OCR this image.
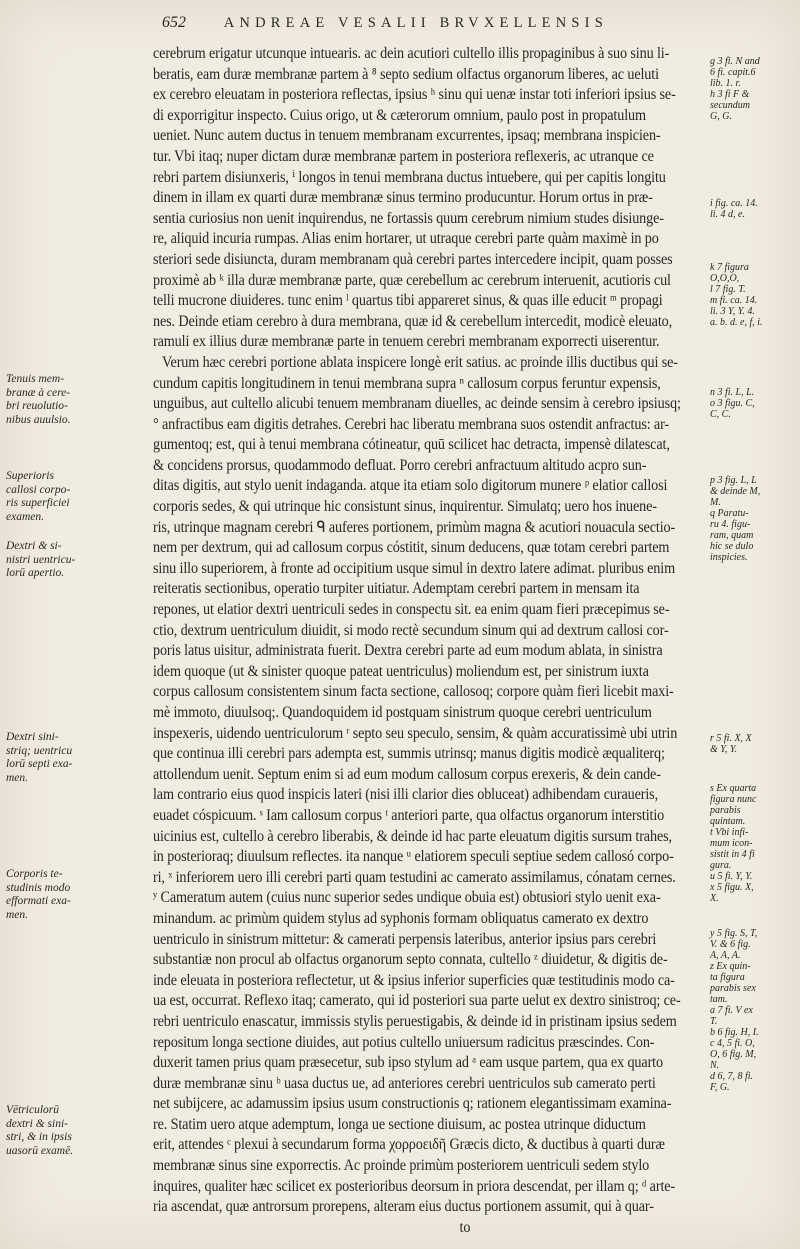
652	ANDREAE VESALII BRVXELLENSIS
cerebrum erigatur utcunque intuearis. ac dein acutiori cultello illis propaginibus à suo sinu li-
beratis, eam duræ membranæ partem à ⁸ septo sedium olfactus organorum liberes, ac ueluti
ex cerebro eleuatam in posteriora reflectas, ipsius ʰ sinu qui uenæ instar toti inferiori ipsius se-
di exporrigitur inspecto. Cuius origo, ut & cæterorum omnium, paulo post in propatulum
ueniet. Nunc autem ductus in tenuem membranam excurrentes, ipsaq; membrana inspicien-
tur. Vbi itaq; nuper dictam duræ membranæ partem in posteriora reflexeris, ac utranque ce
rebri partem disiunxeris, ⁱ longos in tenui membrana ductus intuebere, qui per capitis longitu
dinem in illam ex quarti duræ membranæ sinus termino producuntur. Horum ortus in præ-
sentia curiosius non uenit inquirendus, ne fortassis quum cerebrum nimium studes disiunge-
re, aliquid incuria rumpas. Alias enim hortarer, ut utraque cerebri parte quàm maximè in po
steriori sede disiuncta, duram membranam quà cerebri partes intercedere incipit, quam posses
proximè ab ᵏ illa duræ membranæ parte, quæ cerebellum ac cerebrum interuenit, acutioris cul
telli mucrone diuideres. tunc enim ˡ quartus tibi appareret sinus, & quas ille educit ᵐ propagi
nes. Deinde etiam cerebro à dura membrana, quæ id & cerebellum intercedit, modicè eleuato,
ramuli ex illius duræ membranæ parte in tenuem cerebri membranam exporrecti uiserentur.
Verum hæc cerebri portione ablata inspicere longè erit satius. ac proinde illis ductibus qui se-
cundum capitis longitudinem in tenui membrana supra ⁿ callosum corpus feruntur expensis,
unguibus, aut cultello alicubi tenuem membranam diuelles, ac deinde sensim à cerebro ipsiusq;
° anfractibus eam digitis detrahes. Cerebri hac liberatu membrana suos ostendit anfractus: ar-
gumentoq; est, qui à tenui membrana cótineatur, quū scilicet hac detracta, impensè dilatescat,
& concidens prorsus, quodammodo defluat. Porro cerebri anfractuum altitudo acpro sun-
ditas digitis, aut stylo uenit indaganda. atque ita etiam solo digitorum munere ᵖ elatior callosi
corporis sedes, & qui utrinque hic consistunt sinus, inquirentur. Simulatq; uero hos inuene-
ris, utrinque magnam cerebri ᑫ auferes portionem, primùm magna & acutiori nouacula sectio-
nem per dextrum, qui ad callosum corpus cóstitit, sinum deducens, quæ totam cerebri partem
sinu illo superiorem, à fronte ad occipitium usque simul in dextro latere adimat. pluribus enim
reiteratis sectionibus, operatio turpiter uitiatur. Ademptam cerebri partem in mensam ita
repones, ut elatior dextri uentriculi sedes in conspectu sit. ea enim quam fieri præcepimus se-
ctio, dextrum uentriculum diuidit, si modo rectè secundum sinum qui ad dextrum callosi cor-
poris latus uisitur, administrata fuerit. Dextra cerebri parte ad eum modum ablata, in sinistra
idem quoque (ut & sinister quoque pateat uentriculus) moliendum est, per sinistrum iuxta
corpus callosum consistentem sinum facta sectione, callosoq; corpore quàm fieri licebit maxi-
mè immoto, diuulsoq;. Quandoquidem id postquam sinistrum quoque cerebri uentriculum
inspexeris, uidendo uentriculorum ʳ septo seu speculo, sensim, & quàm accuratissimè ubi utrin
que continua illi cerebri pars adempta est, summis utrinsq; manus digitis modicè æqualiterq;
attollendum uenit. Septum enim si ad eum modum callosum corpus erexeris, & dein cande-
lam contrario eius quod inspicis lateri (nisi illi clarior dies obluceat) adhibendam curaueris,
euadet cóspicuum. ˢ Iam callosum corpus ᵗ anteriori parte, qua olfactus organorum interstitio
uicinius est, cultello à cerebro liberabis, & deinde id hac parte eleuatum digitis sursum trahes,
in posterioraq; diuulsum reflectes. ita nanque ᵘ elatiorem speculi septiue sedem callosó corpo-
ri, ˣ inferiorem uero illi cerebri parti quam testudini ac camerato assimilamus, cónatam cernes.
ʸ Cameratum autem (cuius nunc superior sedes undique obuia est) obtusiori stylo uenit exa-
minandum. ac primùm quidem stylus ad syphonis formam obliquatus camerato ex dextro
uentriculo in sinistrum mittetur: & camerati perpensis lateribus, anterior ipsius pars cerebri
substantiæ non procul ab olfactus organorum septo connata, cultello ᶻ diuidetur, & digitis de-
inde eleuata in posteriora reflectetur, ut & ipsius inferior superficies quæ testitudinis modo ca-
ua est, occurrat. Reflexo itaq; camerato, qui id posteriori sua parte uelut ex dextro sinistroq; ce-
rebri uentriculo enascatur, immissis stylis peruestigabis, & deinde id in pristinam ipsius sedem
repositum longa sectione diuides, aut potius cultello uniuersum radicitus præscindes. Con-
duxerit tamen prius quam præsecetur, sub ipso stylum ad ᵃ eam usque partem, qua ex quarto
duræ membranæ sinu ᵇ uasa ductus ue, ad anteriores cerebri uentriculos sub camerato perti
net subijcere, ac adamussim ipsius usum constructionis q; rationem elegantissimam examina-
re. Statim uero atque ademptum, longa ue sectione diuisum, ac postea utrinque diductum
erit, attendes ᶜ plexui à secundarum forma χορροειδῆ Græcis dicto, & ductibus à quarti duræ
membranæ sinus sine exporrectis. Ac proinde primùm posteriorem uentriculi sedem stylo
inquires, qualiter hæc scilicet ex posterioribus deorsum in priora descendat, per illam q; ᵈ arte-
ria ascendat, quæ antrorsum prorepens, alteram eius ductus portionem assumit, qui à quar-
to
Tenuis mem-
branæ à cere-
bri reuolutio-
nibus auulsio.
Superioris
callosi corpo-
ris superficiei
examen.
Dextri & si-
nistri uentricu-
lorū apertio.
Dextri sini-
striq; uentricu
lorū septi exa-
men.
Corporis te-
studinis modo
efformati exa-
men.
Vētriculorū
dextri & sini-
stri, & in ipsis
uasorū examē.
g 3 fi. N and
6 fi. capit.6
lib. 1. r.
h 3 fi F &
secundum
G, G.
i fig. ca. 14.
li. 4 d, e.
k 7 figura
O,O,O,
l 7 fig. T.
m fi. ca. 14.
li. 3 Y, Y. 4.
a. b. d. e, f, i.
n 3 fi. L, L.
o 3 figu. C,
C, C.
p 3 fig. L, L
& deinde M,
M.
q Paratu-
ru 4. figu-
ram, quam
hic se dulo
inspicies.
r 5 fi. X, X
& Y, Y.
s Ex quarta
figura nunc
parabis
quintam.
t Vbi infi-
mum icon-
sistit in 4 fi
gura.
u 5 fi. Y, Y.
x 5 figu. X,
X.
y 5 fig. S, T,
V. & 6 fig.
A, A, A.
z Ex quin-
ta figura
parabis sex
tam.
a 7 fi. V ex
T.
b 6 fig. H, I.
c 4, 5 fi. O,
O, 6 fig. M,
N.
d 6, 7, 8 fi.
F, G.
